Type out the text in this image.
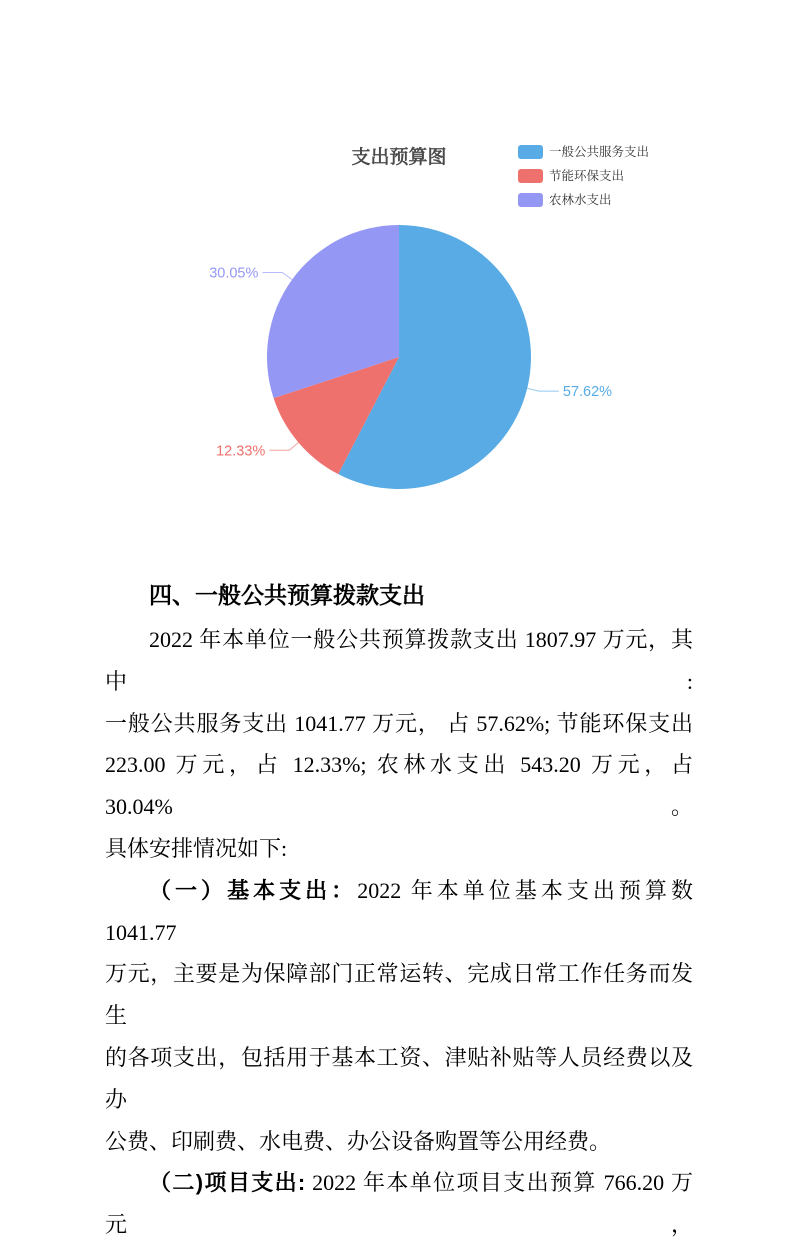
57.62%
12.33%
30.05%
支出预算图	一般公共服务支出
节能环保支出
农林水支出
四、一般公共预算拨款支出
2022 年本单位一般公共预算拨款支出 1807.97 万元，其中:
一般公共服务支出 1041.77 万元， 占 57.62%; 节能环保支出
223.00 万元，占 12.33%; 农林水支出 543.20 万元，占 30.04%。
具体安排情况如下:
（一）基本支出：2022 年本单位基本支出预算数 1041.77
万元，主要是为保障部门正常运转、完成日常工作任务而发生
的各项支出，包括用于基本工资、津贴补贴等人员经费以及办
公费、印刷费、水电费、办公设备购置等公用经费。
（二)项目支出: 2022 年本单位项目支出预算 766.20 万元，
